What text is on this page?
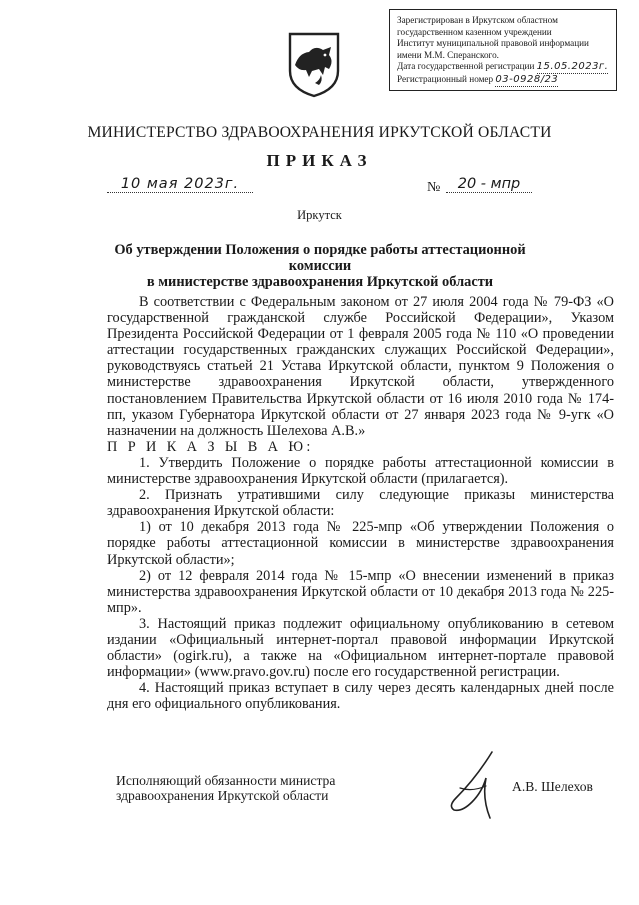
Зарегистрирован в Иркутском областном
государственном казенном учреждении
Институт муниципальной правовой информации
имени М.М. Сперанского.
Дата государственной регистрации 15.05.2023г.
Регистрационный номер 03-0928/23
МИНИСТЕРСТВО ЗДРАВООХРАНЕНИЯ ИРКУТСКОЙ ОБЛАСТИ
ПРИКАЗ
10 мая 2023г.	№	20 - мпр
Иркутск
Об утверждении Положения о порядке работы аттестационной комиссии
в министерстве здравоохранения Иркутской области

В соответствии с Федеральным законом от 27 июля 2004 года № 79-ФЗ «О государственной гражданской службе Российской Федерации», Указом Президента Российской Федерации от 1 февраля 2005 года № 110 «О проведении аттестации государственных гражданских служащих Российской Федерации», руководствуясь статьей 21 Устава Иркутской области, пунктом 9 Положения о министерстве здравоохранения Иркутской области, утвержденного постановлением Правительства Иркутской области от 16 июля 2010 года № 174-пп, указом Губернатора Иркутской области от 27 января 2023 года № 9-угк «О назначении на должность Шелехова А.В.»

П Р И К А З Ы В А Ю:

1. Утвердить Положение о порядке работы аттестационной комиссии в министерстве здравоохранения Иркутской области (прилагается).

2. Признать утратившими силу следующие приказы министерства здравоохранения Иркутской области:

1) от 10 декабря 2013 года № 225-мпр «Об утверждении Положения о порядке работы аттестационной комиссии в министерстве здравоохранения Иркутской области»;

2) от 12 февраля 2014 года № 15-мпр «О внесении изменений в приказ министерства здравоохранения Иркутской области от 10 декабря 2013 года № 225-мпр».

3. Настоящий приказ подлежит официальному опубликованию в сетевом издании «Официальный интернет-портал правовой информации Иркутской области» (ogirk.ru), а также на «Официальном интернет-портале правовой информации» (www.pravo.gov.ru) после его государственной регистрации.

4. Настоящий приказ вступает в силу через десять календарных дней после дня его официального опубликования.

Исполняющий обязанности министра
здравоохранения Иркутской области
А.В. Шелехов
